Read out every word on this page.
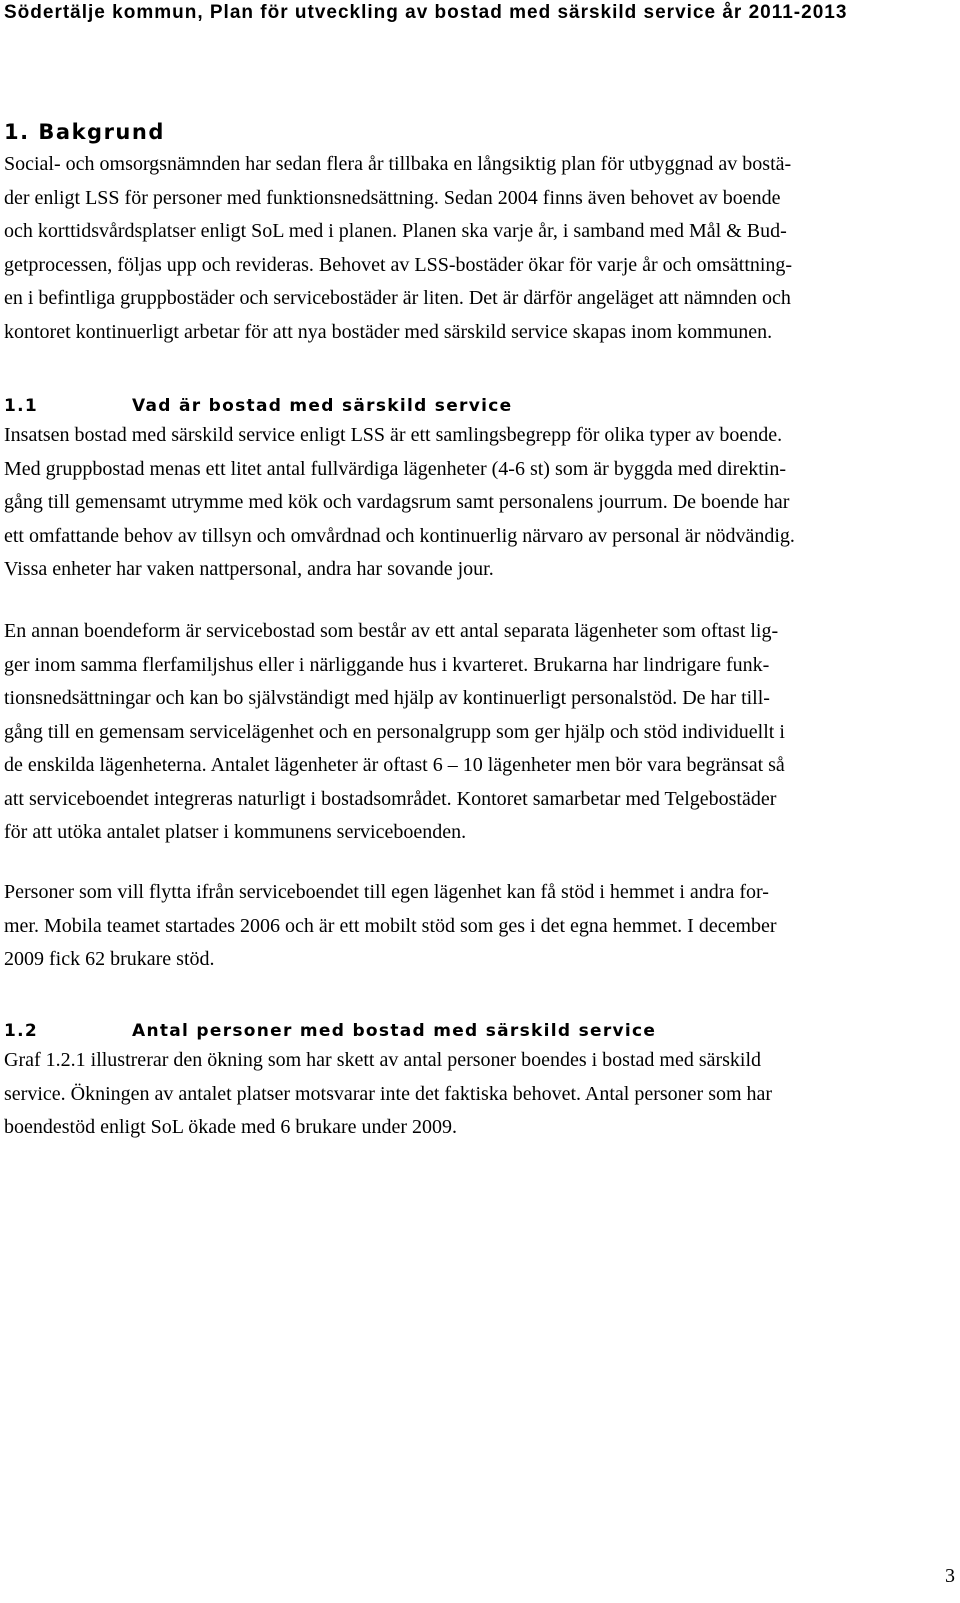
Södertälje kommun, Plan för utveckling av bostad med särskild service år 2011-2013
1. Bakgrund
Social- och omsorgsnämnden har sedan flera år tillbaka en långsiktig plan för utbyggnad av bostä-
der enligt LSS för personer med funktionsnedsättning. Sedan 2004 finns även behovet av boende
och korttidsvårdsplatser enligt SoL med i planen. Planen ska varje år, i samband med Mål & Bud-
getprocessen, följas upp och revideras. Behovet av LSS-bostäder ökar för varje år och omsättning-
en i befintliga gruppbostäder och servicebostäder är liten. Det är därför angeläget att nämnden och
kontoret kontinuerligt arbetar för att nya bostäder med särskild service skapas inom kommunen.
1.1	Vad är bostad med särskild service
Insatsen bostad med särskild service enligt LSS är ett samlingsbegrepp för olika typer av boende.
Med gruppbostad menas ett litet antal fullvärdiga lägenheter (4-6 st) som är byggda med direktin-
gång till gemensamt utrymme med kök och vardagsrum samt personalens jourrum. De boende har
ett omfattande behov av tillsyn och omvårdnad och kontinuerlig närvaro av personal är nödvändig.
Vissa enheter har vaken nattpersonal, andra har sovande jour.
En annan boendeform är servicebostad som består av ett antal separata lägenheter som oftast lig-
ger inom samma flerfamiljshus eller i närliggande hus i kvarteret. Brukarna har lindrigare funk-
tionsnedsättningar och kan bo självständigt med hjälp av kontinuerligt personalstöd. De har till-
gång till en gemensam servicelägenhet och en personalgrupp som ger hjälp och stöd individuellt i
de enskilda lägenheterna. Antalet lägenheter är oftast 6 – 10 lägenheter men bör vara begränsat så
att serviceboendet integreras naturligt i bostadsområdet. Kontoret samarbetar med Telgebostäder
för att utöka antalet platser i kommunens serviceboenden.
Personer som vill flytta ifrån serviceboendet till egen lägenhet kan få stöd i hemmet i andra for-
mer. Mobila teamet startades 2006 och är ett mobilt stöd som ges i det egna hemmet. I december
2009 fick 62 brukare stöd.
1.2	Antal personer med bostad med särskild service
Graf 1.2.1 illustrerar den ökning som har skett av antal personer boendes i bostad med särskild
service. Ökningen av antalet platser motsvarar inte det faktiska behovet. Antal personer som har
boendestöd enligt SoL ökade med 6 brukare under 2009.
3
